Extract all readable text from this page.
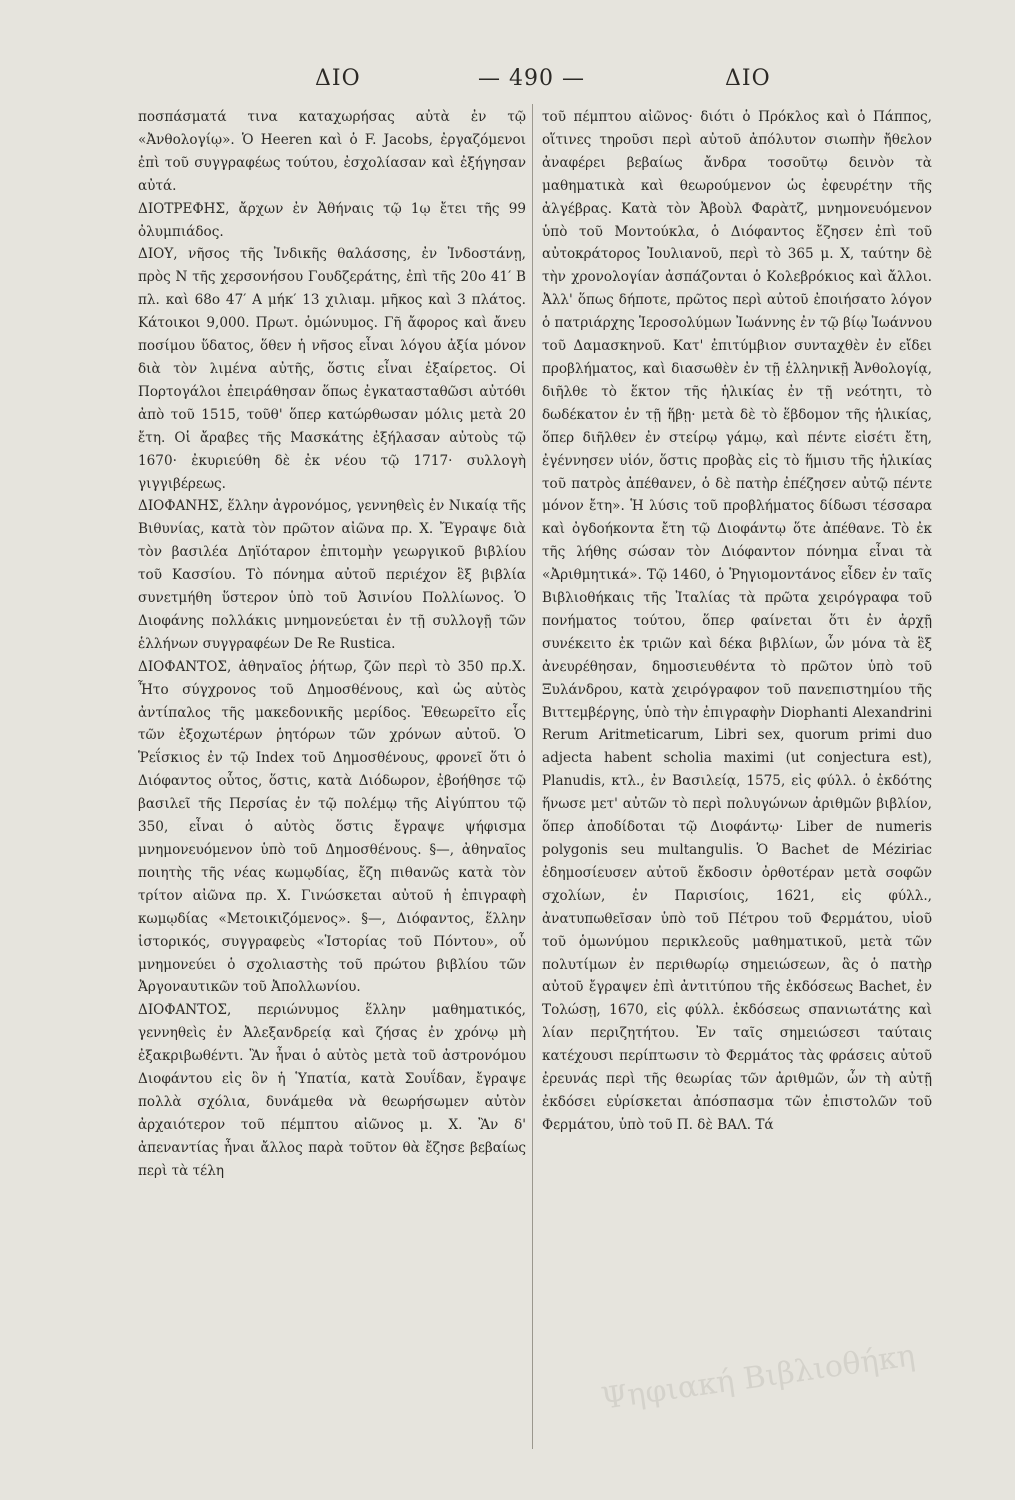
ΔΙΟ	— 490 —	ΔΙΟ

ποσπάσματά τινα καταχωρήσας αὐτὰ ἐν τῷ «Ἀνθολογίῳ». Ὁ Heeren καὶ ὁ F. Jacobs, ἐργαζόμενοι ἐπὶ τοῦ συγγραφέως τούτου, ἐσχολίασαν καὶ ἐξήγησαν αὐτά.

ΔΙΟΤΡΕΦΗΣ, ἄρχων ἐν Ἀθήναις τῷ 1ῳ ἔτει τῆς 99 ὀλυμπιάδος.

ΔΙΟΥ, νῆσος τῆς Ἰνδικῆς θαλάσσης, ἐν Ἰνδοστάνῃ, πρὸς Ν τῆς χερσονήσου Γουδζεράτης, ἐπὶ τῆς 20ο 41′ Β πλ. καὶ 68ο 47′ Α μήκ′ 13 χιλιαμ. μῆκος καὶ 3 πλάτος. Κάτοικοι 9,000. Πρωτ. ὁμώνυμος. Γῆ ἄφορος καὶ ἄνευ ποσίμου ὕδατος, ὅθεν ἡ νῆσος εἶναι λόγου ἀξία μόνον διὰ τὸν λιμένα αὐτῆς, ὅστις εἶναι ἐξαίρετος. Οἱ Πορτογάλοι ἐπειράθησαν ὅπως ἐγκατασταθῶσι αὐτόθι ἀπὸ τοῦ 1515, τοῦθ' ὅπερ κατώρθωσαν μόλις μετὰ 20 ἔτη. Οἱ ἄραβες τῆς Μασκάτης ἐξήλασαν αὐτοὺς τῷ 1670· ἐκυριεύθη δὲ ἐκ νέου τῷ 1717· συλλογὴ γιγγιβέρεως.

ΔΙΟΦΑΝΗΣ, ἕλλην ἀγρονόμος, γεννηθεὶς ἐν Νικαίᾳ τῆς Βιθυνίας, κατὰ τὸν πρῶτον αἰῶνα πρ. Χ. Ἔγραψε διὰ τὸν βασιλέα Δηϊόταρον ἐπιτομὴν γεωργικοῦ βιβλίου τοῦ Κασσίου. Τὸ πόνημα αὐτοῦ περιέχον ἓξ βιβλία συνετμήθη ὕστερον ὑπὸ τοῦ Ἀσινίου Πολλίωνος. Ὁ Διοφάνης πολλάκις μνημονεύεται ἐν τῇ συλλογῇ τῶν ἑλλήνων συγγραφέων De Re Rustica.

ΔΙΟΦΑΝΤΟΣ, ἀθηναῖος ῥήτωρ, ζῶν περὶ τὸ 350 πρ.Χ. Ἦτο σύγχρονος τοῦ Δημοσθένους, καὶ ὡς αὐτὸς ἀντίπαλος τῆς μακεδονικῆς μερίδος. Ἐθεωρεῖτο εἷς τῶν ἐξοχωτέρων ῥητόρων τῶν χρόνων αὐτοῦ. Ὁ Ῥεΐσκιος ἐν τῷ Index τοῦ Δημοσθένους, φρονεῖ ὅτι ὁ Διόφαντος οὗτος, ὅστις, κατὰ Διόδωρον, ἐβοήθησε τῷ βασιλεῖ τῆς Περσίας ἐν τῷ πολέμῳ τῆς Αἰγύπτου τῷ 350, εἶναι ὁ αὐτὸς ὅστις ἔγραψε ψήφισμα μνημονευόμενον ὑπὸ τοῦ Δημοσθένους. §—, ἀθηναῖος ποιητὴς τῆς νέας κωμῳδίας, ἔζη πιθανῶς κατὰ τὸν τρίτον αἰῶνα πρ. Χ. Γινώσκεται αὐτοῦ ἡ ἐπιγραφὴ κωμῳδίας «Μετοικιζόμενος». §—, Διόφαντος, ἕλλην ἱστορικός, συγγραφεὺς «Ἱστορίας τοῦ Πόντου», οὗ μνημονεύει ὁ σχολιαστὴς τοῦ πρώτου βιβλίου τῶν Ἀργοναυτικῶν τοῦ Ἀπολλωνίου.

ΔΙΟΦΑΝΤΟΣ, περιώνυμος ἕλλην μαθηματικός, γεννηθεὶς ἐν Ἀλεξανδρείᾳ καὶ ζήσας ἐν χρόνῳ μὴ ἐξακριβωθέντι. Ἂν ἦναι ὁ αὐτὸς μετὰ τοῦ ἀστρονόμου Διοφάντου εἰς ὃν ἡ Ὑπατία, κατὰ Σουΐδαν, ἔγραψε πολλὰ σχόλια, δυνάμεθα νὰ θεωρήσωμεν αὐτὸν ἀρχαιότερον τοῦ πέμπτου αἰῶνος μ. Χ. Ἂν δ' ἀπεναντίας ἦναι ἄλλος παρὰ τοῦτον θὰ ἔζησε βεβαίως περὶ τὰ τέλη

τοῦ πέμπτου αἰῶνος· διότι ὁ Πρόκλος καὶ ὁ Πάππος, οἵτινες τηροῦσι περὶ αὐτοῦ ἀπόλυτον σιωπὴν ἤθελον ἀναφέρει βεβαίως ἄνδρα τοσοῦτῳ δεινὸν τὰ μαθηματικὰ καὶ θεωρούμενον ὡς ἐφευρέτην τῆς ἀλγέβρας. Κατὰ τὸν Ἀβοὺλ Φαρὰτζ, μνημονευόμενον ὑπὸ τοῦ Μοντούκλα, ὁ Διόφαντος ἔζησεν ἐπὶ τοῦ αὐτοκράτορος Ἰουλιανοῦ, περὶ τὸ 365 μ. Χ, ταύτην δὲ τὴν χρονολογίαν ἀσπάζονται ὁ Κολεβρόκιος καὶ ἄλλοι. Ἀλλ' ὅπως δήποτε, πρῶτος περὶ αὐτοῦ ἐποιήσατο λόγον ὁ πατριάρχης Ἱεροσολύμων Ἰωάννης ἐν τῷ βίῳ Ἰωάννου τοῦ Δαμασκηνοῦ. Κατ' ἐπιτύμβιον συνταχθὲν ἐν εἴδει προβλήματος, καὶ διασωθὲν ἐν τῇ ἑλληνικῇ Ἀνθολογίᾳ, διῆλθε τὸ ἕκτον τῆς ἡλικίας ἐν τῇ νεότητι, τὸ δωδέκατον ἐν τῇ ἥβῃ· μετὰ δὲ τὸ ἕβδομον τῆς ἡλικίας, ὅπερ διῆλθεν ἐν στείρῳ γάμῳ, καὶ πέντε εἰσέτι ἔτη, ἐγέννησεν υἱόν, ὅστις προβὰς εἰς τὸ ἥμισυ τῆς ἡλικίας τοῦ πατρὸς ἀπέθανεν, ὁ δὲ πατὴρ ἐπέζησεν αὐτῷ πέντε μόνον ἔτη». Ἡ λύσις τοῦ προβλήματος δίδωσι τέσσαρα καὶ ὀγδοήκοντα ἔτη τῷ Διοφάντῳ ὅτε ἀπέθανε. Τὸ ἐκ τῆς λήθης σώσαν τὸν Διόφαντον πόνημα εἶναι τὰ «Ἀριθμητικά». Τῷ 1460, ὁ Ῥηγιομοντάνος εἶδεν ἐν ταῖς Βιβλιοθήκαις τῆς Ἰταλίας τὰ πρῶτα χειρόγραφα τοῦ πονήματος τούτου, ὅπερ φαίνεται ὅτι ἐν ἀρχῇ συνέκειτο ἐκ τριῶν καὶ δέκα βιβλίων, ὧν μόνα τὰ ἓξ ἀνευρέθησαν, δημοσιευθέντα τὸ πρῶτον ὑπὸ τοῦ Ξυλάνδρου, κατὰ χειρόγραφον τοῦ πανεπιστημίου τῆς Βιττεμβέργης, ὑπὸ τὴν ἐπιγραφὴν Diophanti Alexandrini Rerum Aritmeticarum, Libri sex, quorum primi duo adjecta habent scholia maximi (ut conjectura est), Planudis, κτλ., ἐν Βασιλείᾳ, 1575, εἰς φύλλ. ὁ ἐκδότης ἥνωσε μετ' αὐτῶν τὸ περὶ πολυγώνων ἀριθμῶν βιβλίον, ὅπερ ἀποδίδοται τῷ Διοφάντῳ· Liber de numeris polygonis seu multangulis. Ὁ Bachet de Méziriac ἐδημοσίευσεν αὐτοῦ ἔκδοσιν ὀρθοτέραν μετὰ σοφῶν σχολίων, ἐν Παρισίοις, 1621, εἰς φύλλ., ἀνατυπωθεῖσαν ὑπὸ τοῦ Πέτρου τοῦ Φερμάτου, υἱοῦ τοῦ ὁμωνύμου περικλεοῦς μαθηματικοῦ, μετὰ τῶν πολυτίμων ἐν περιθωρίῳ σημειώσεων, ἃς ὁ πατὴρ αὐτοῦ ἔγραψεν ἐπὶ ἀντιτύπου τῆς ἐκδόσεως Bachet, ἐν Τολώσῃ, 1670, εἰς φύλλ. ἐκδόσεως σπανιωτάτης καὶ λίαν περιζητήτου. Ἐν ταῖς σημειώσεσι ταύταις κατέχουσι περίπτωσιν τὸ Φερμάτος τὰς φράσεις αὐτοῦ ἐρευνάς περὶ τῆς θεωρίας τῶν ἀριθμῶν, ὧν τὴ αὐτῇ ἐκδόσει εὑρίσκεται ἀπόσπασμα τῶν ἐπιστολῶν τοῦ Φερμάτου, ὑπὸ τοῦ Π. δὲ ΒΑΛ. Τά

Ψηφιακή Βιβλιοθήκη
